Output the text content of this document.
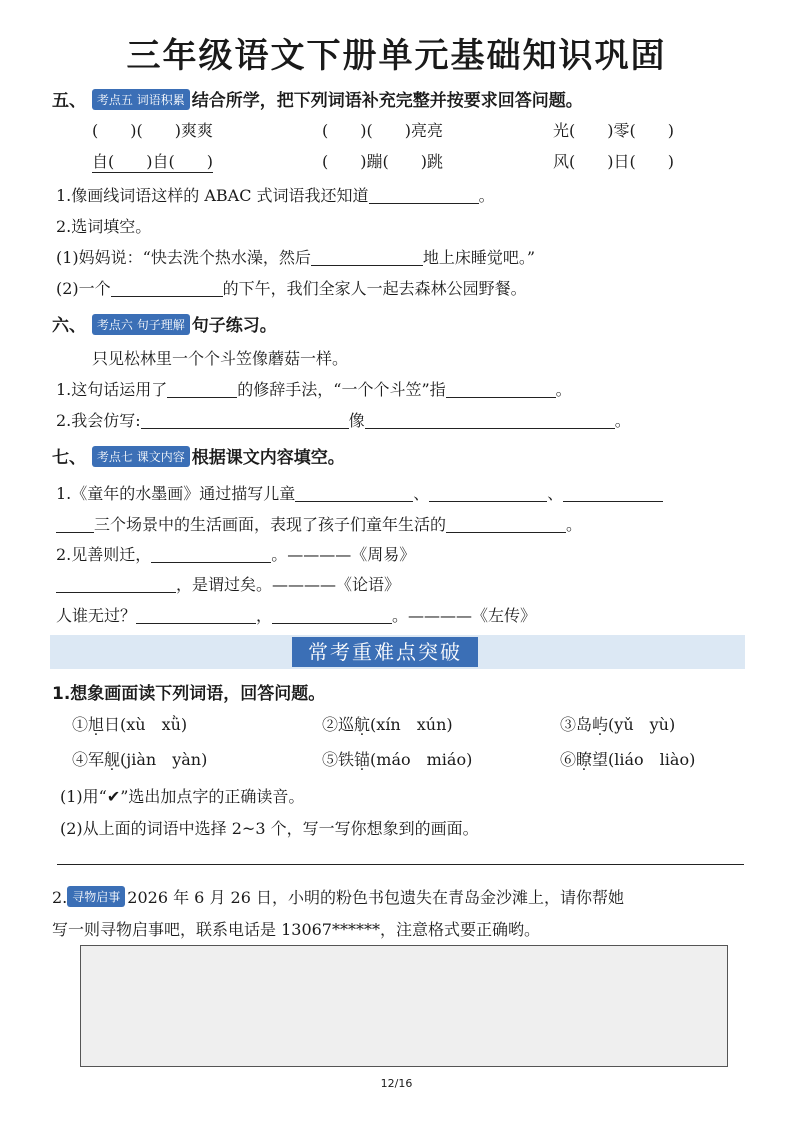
三年级语文下册单元基础知识巩固
五、 考点五 词语积累 结合所学，把下列词语补充完整并按要求回答问题。
(　　)(　　)爽爽	(　　)(　　)亮亮	光(　　)零(　　)
自(　　)自(　　)	(　　)蹦(　　)跳	风(　　)日(　　)
1.像画线词语这样的 ABAC 式词语我还知道	。
2.选词填空。
(1)妈妈说：“快去洗个热水澡，然后	地上床睡觉吧。”
(2)一个	的下午，我们全家人一起去森林公园野餐。
六、 考点六 句子理解 句子练习。
只见松林里一个个斗笠像蘑菇一样。
1.这句话运用了	的修辞手法，“一个个斗笠”指	。
2.我会仿写:	像	。
七、 考点七 课文内容 根据课文内容填空。
1.《童年的水墨画》通过描写儿童	、	、
三个场景中的生活画面，表现了孩子们童年生活的	。
2.见善则迁，	。————《周易》
，是谓过矣。————《论语》
人谁无过？	，	。————《左传》
常考重难点突破
1.想象画面读下列词语，回答问题。
①旭日(xù　xǜ)	②巡航(xín　xún)	③岛屿(yǔ　yù)
④军舰(jiàn　yàn)	⑤铁锚(máo　miáo)	⑥瞭望(liáo　liào)
(1)用“✔”选出加点字的正确读音。
(2)从上面的词语中选择 2~3 个，写一写你想象到的画面。
2. 寻物启事 2026 年 6 月 26 日，小明的粉色书包遗失在青岛金沙滩上，请你帮她
写一则寻物启事吧，联系电话是 13067******，注意格式要正确哟。
12/16
